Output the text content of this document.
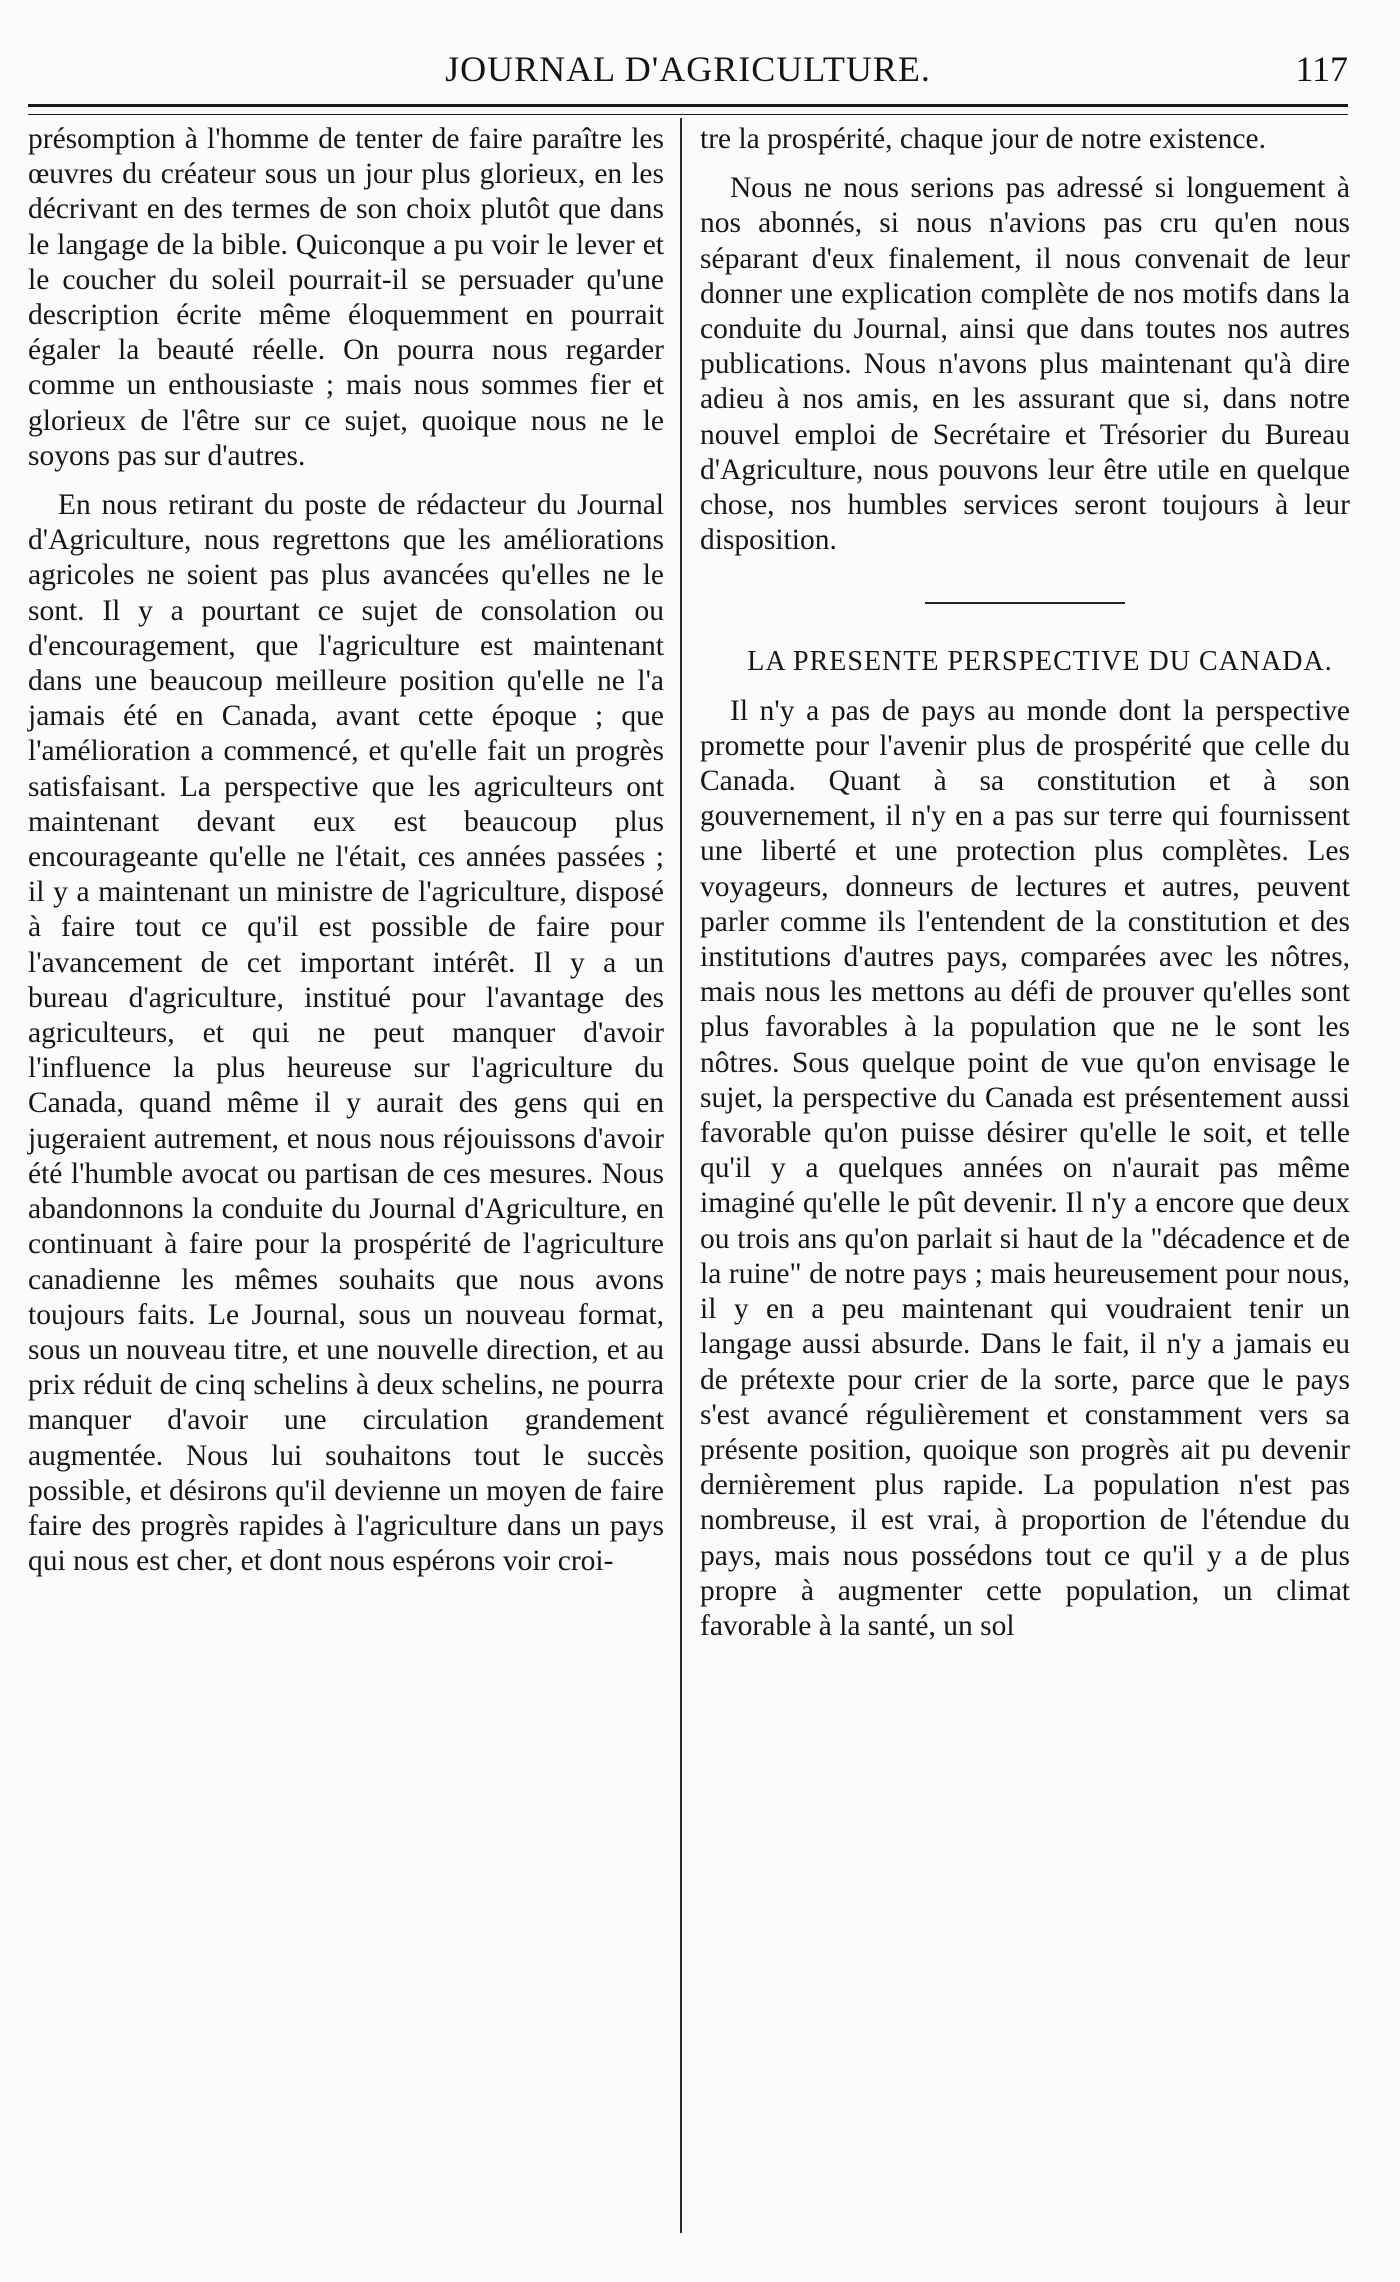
JOURNAL D'AGRICULTURE.	117

présomption à l'homme de tenter de faire paraître les œuvres du créateur sous un jour plus glorieux, en les décrivant en des termes de son choix plutôt que dans le langage de la bible. Quiconque a pu voir le lever et le coucher du soleil pourrait-il se persuader qu'une description écrite même éloquemment en pourrait égaler la beauté réelle. On pourra nous regarder comme un enthousiaste ; mais nous sommes fier et glorieux de l'être sur ce sujet, quoique nous ne le soyons pas sur d'autres.

En nous retirant du poste de rédacteur du Journal d'Agriculture, nous regrettons que les améliorations agricoles ne soient pas plus avancées qu'elles ne le sont. Il y a pourtant ce sujet de consolation ou d'encouragement, que l'agriculture est maintenant dans une beaucoup meilleure position qu'elle ne l'a jamais été en Canada, avant cette époque ; que l'amélioration a commencé, et qu'elle fait un progrès satisfaisant. La perspective que les agriculteurs ont maintenant devant eux est beaucoup plus encourageante qu'elle ne l'était, ces années passées ; il y a maintenant un ministre de l'agriculture, disposé à faire tout ce qu'il est possible de faire pour l'avancement de cet important intérêt. Il y a un bureau d'agriculture, institué pour l'avantage des agriculteurs, et qui ne peut manquer d'avoir l'influence la plus heureuse sur l'agriculture du Canada, quand même il y aurait des gens qui en jugeraient autrement, et nous nous réjouissons d'avoir été l'humble avocat ou partisan de ces mesures. Nous abandonnons la conduite du Journal d'Agriculture, en continuant à faire pour la prospérité de l'agriculture canadienne les mêmes souhaits que nous avons toujours faits. Le Journal, sous un nouveau format, sous un nouveau titre, et une nouvelle direction, et au prix réduit de cinq schelins à deux schelins, ne pourra manquer d'avoir une circulation grandement augmentée. Nous lui souhaitons tout le succès possible, et désirons qu'il devienne un moyen de faire faire des progrès rapides à l'agriculture dans un pays qui nous est cher, et dont nous espérons voir croi-

tre la prospérité, chaque jour de notre existence.

Nous ne nous serions pas adressé si longuement à nos abonnés, si nous n'avions pas cru qu'en nous séparant d'eux finalement, il nous convenait de leur donner une explication complète de nos motifs dans la conduite du Journal, ainsi que dans toutes nos autres publications. Nous n'avons plus maintenant qu'à dire adieu à nos amis, en les assurant que si, dans notre nouvel emploi de Secrétaire et Trésorier du Bureau d'Agriculture, nous pouvons leur être utile en quelque chose, nos humbles services seront toujours à leur disposition.

LA PRESENTE PERSPECTIVE DU CANADA.

Il n'y a pas de pays au monde dont la perspective promette pour l'avenir plus de prospérité que celle du Canada. Quant à sa constitution et à son gouvernement, il n'y en a pas sur terre qui fournissent une liberté et une protection plus complètes. Les voyageurs, donneurs de lectures et autres, peuvent parler comme ils l'entendent de la constitution et des institutions d'autres pays, comparées avec les nôtres, mais nous les mettons au défi de prouver qu'elles sont plus favorables à la population que ne le sont les nôtres. Sous quelque point de vue qu'on envisage le sujet, la perspective du Canada est présentement aussi favorable qu'on puisse désirer qu'elle le soit, et telle qu'il y a quelques années on n'aurait pas même imaginé qu'elle le pût devenir. Il n'y a encore que deux ou trois ans qu'on parlait si haut de la "décadence et de la ruine" de notre pays ; mais heureusement pour nous, il y en a peu maintenant qui voudraient tenir un langage aussi absurde. Dans le fait, il n'y a jamais eu de prétexte pour crier de la sorte, parce que le pays s'est avancé régulièrement et constamment vers sa présente position, quoique son progrès ait pu devenir dernièrement plus rapide. La population n'est pas nombreuse, il est vrai, à proportion de l'étendue du pays, mais nous possédons tout ce qu'il y a de plus propre à augmenter cette population, un climat favorable à la santé, un sol
